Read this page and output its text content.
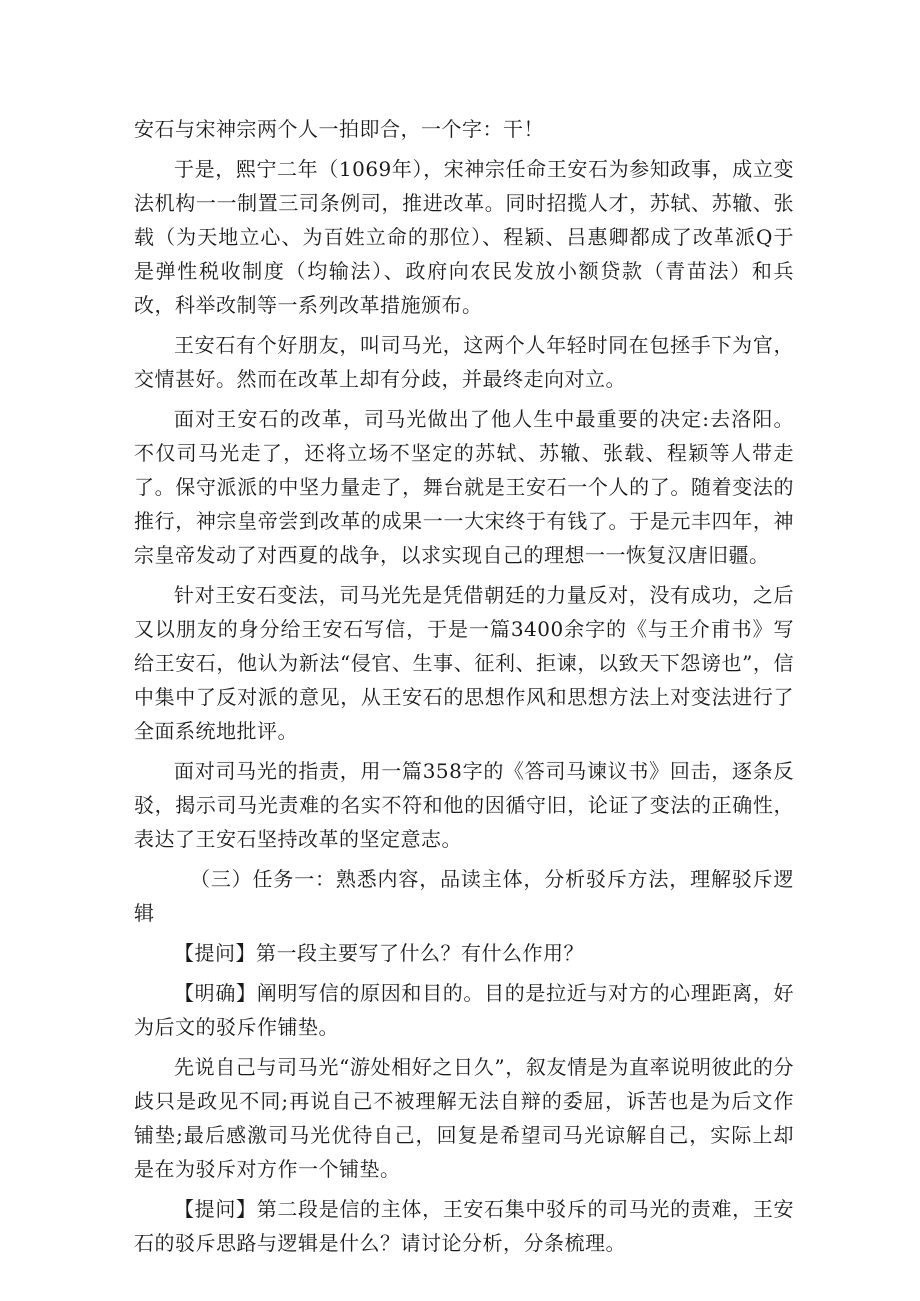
安石与宋神宗两个人一拍即合，一个字：干！

于是，熙宁二年（1069年），宋神宗任命王安石为参知政事，成立变法机构一一制置三司条例司，推进改革。同时招揽人才，苏轼、苏辙、张载（为天地立心、为百姓立命的那位）、程颖、吕惠卿都成了改革派Q于是弹性税收制度（均输法）、政府向农民发放小额贷款（青苗法）和兵改，科举改制等一系列改革措施颁布。

王安石有个好朋友，叫司马光，这两个人年轻时同在包拯手下为官，交情甚好。然而在改革上却有分歧，并最终走向对立。

面对王安石的改革，司马光做出了他人生中最重要的决定:去洛阳。不仅司马光走了，还将立场不坚定的苏轼、苏辙、张载、程颖等人带走了。保守派派的中坚力量走了，舞台就是王安石一个人的了。随着变法的推行，神宗皇帝尝到改革的成果一一大宋终于有钱了。于是元丰四年，神宗皇帝发动了对西夏的战争，以求实现自己的理想一一恢复汉唐旧疆。

针对王安石变法，司马光先是凭借朝廷的力量反对，没有成功，之后又以朋友的身分给王安石写信，于是一篇3400余字的《与王介甫书》写给王安石，他认为新法“侵官、生事、征利、拒谏，以致天下怨谤也”，信中集中了反对派的意见，从王安石的思想作风和思想方法上对变法进行了全面系统地批评。

面对司马光的指责，用一篇358字的《答司马谏议书》回击，逐条反驳，揭示司马光责难的名实不符和他的因循守旧，论证了变法的正确性，表达了王安石坚持改革的坚定意志。

（三）任务一：熟悉内容，品读主体，分析驳斥方法，理解驳斥逻辑

【提问】第一段主要写了什么？有什么作用？

【明确】阐明写信的原因和目的。目的是拉近与对方的心理距离，好为后文的驳斥作铺垫。

先说自己与司马光“游处相好之日久”，叙友情是为直率说明彼此的分歧只是政见不同;再说自己不被理解无法自辩的委屈，诉苦也是为后文作铺垫;最后感激司马光优待自己，回复是希望司马光谅解自己，实际上却是在为驳斥对方作一个铺垫。

【提问】第二段是信的主体，王安石集中驳斥的司马光的责难，王安石的驳斥思路与逻辑是什么？请讨论分析，分条梳理。
